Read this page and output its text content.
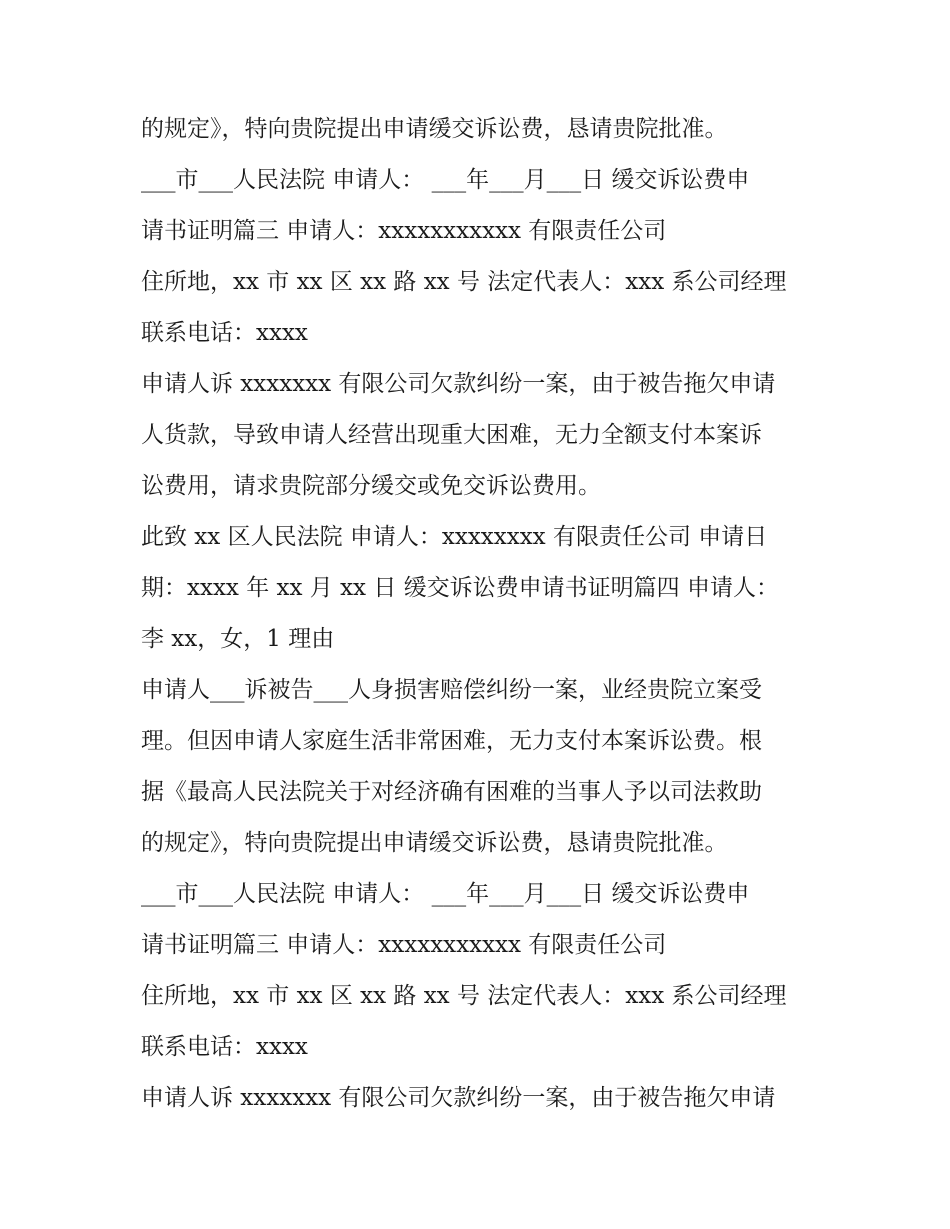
的规定》，特向贵院提出申请缓交诉讼费，恳请贵院批准。
___市___人民法院 申请人： ___年___月___日 缓交诉讼费申
请书证明篇三 申请人：xxxxxxxxxxx 有限责任公司
住所地，xx 市 xx 区 xx 路 xx 号 法定代表人：xxx 系公司经理
联系电话：xxxx
申请人诉 xxxxxxx 有限公司欠款纠纷一案，由于被告拖欠申请
人货款，导致申请人经营出现重大困难，无力全额支付本案诉
讼费用，请求贵院部分缓交或免交诉讼费用。
此致 xx 区人民法院 申请人：xxxxxxxx 有限责任公司 申请日
期：xxxx 年 xx 月 xx 日 缓交诉讼费申请书证明篇四 申请人：
李 xx，女，1 理由
申请人___诉被告___人身损害赔偿纠纷一案，业经贵院立案受
理。但因申请人家庭生活非常困难，无力支付本案诉讼费。根
据《最高人民法院关于对经济确有困难的当事人予以司法救助
的规定》，特向贵院提出申请缓交诉讼费，恳请贵院批准。
___市___人民法院 申请人： ___年___月___日 缓交诉讼费申
请书证明篇三 申请人：xxxxxxxxxxx 有限责任公司
住所地，xx 市 xx 区 xx 路 xx 号 法定代表人：xxx 系公司经理
联系电话：xxxx
申请人诉 xxxxxxx 有限公司欠款纠纷一案，由于被告拖欠申请
